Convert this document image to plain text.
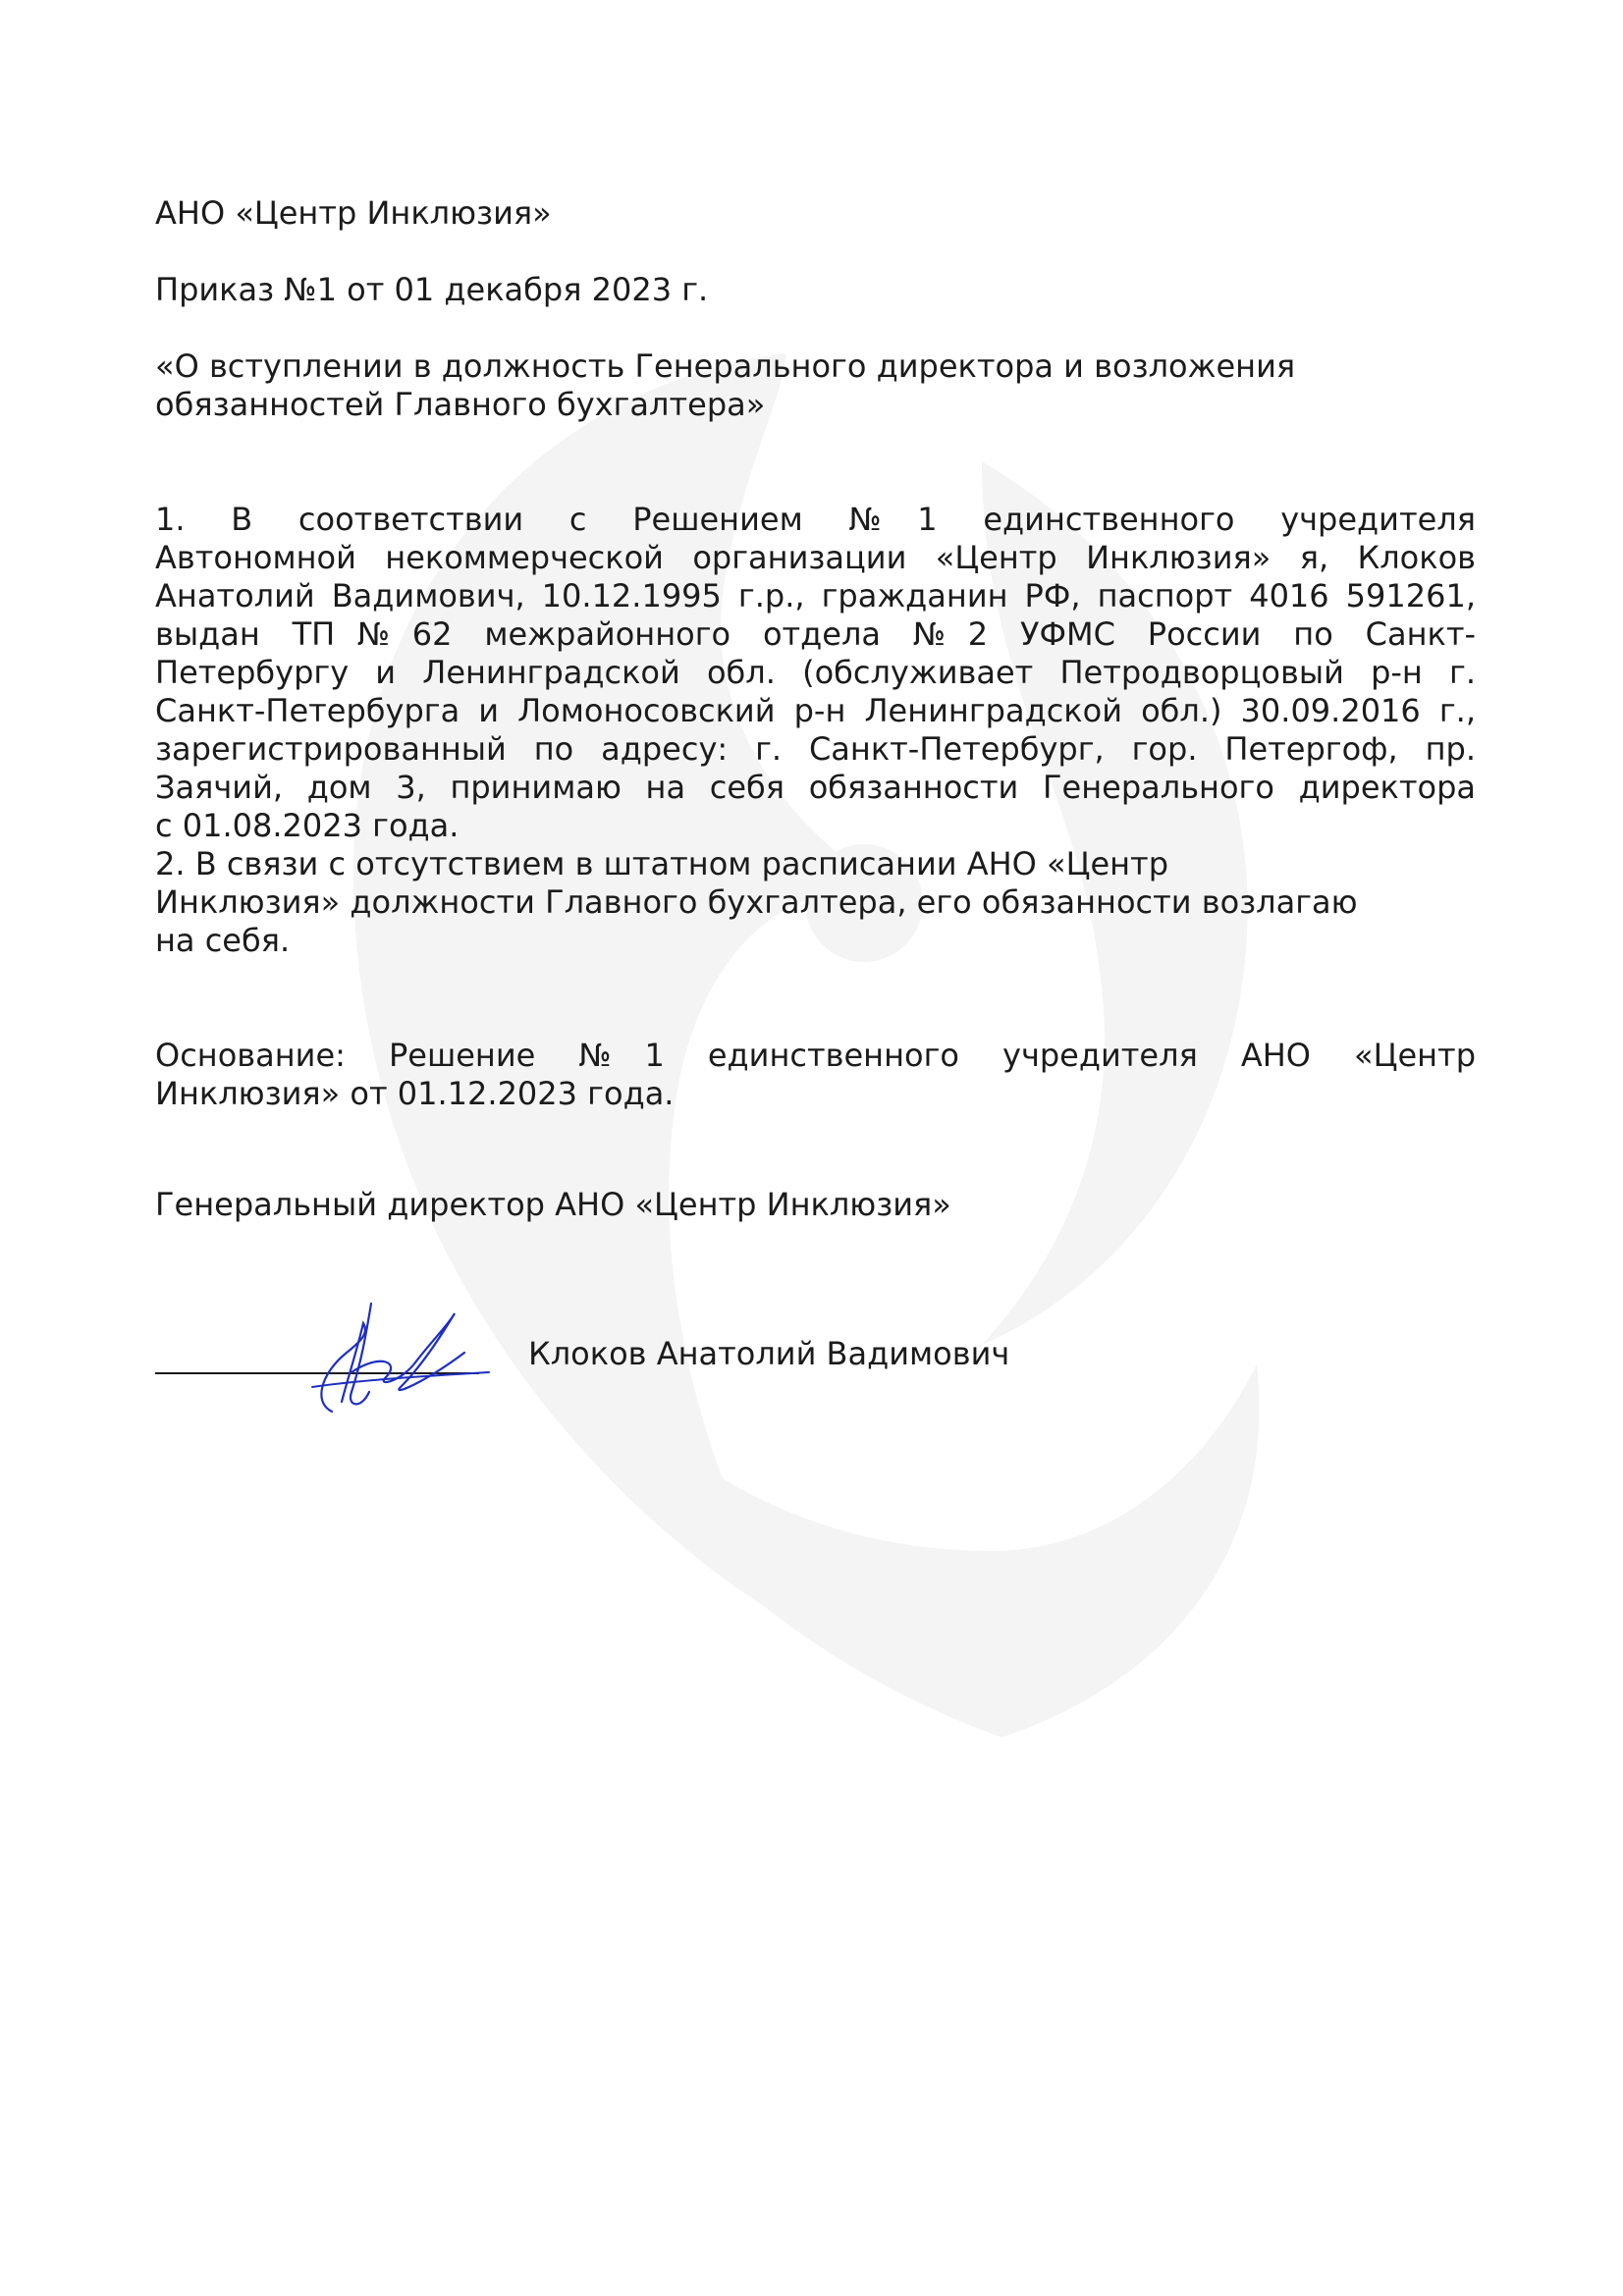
АНО «Центр Инклюзия»
Приказ №1 от 01 декабря 2023 г.
«О вступлении в должность Генерального директора и возложения
обязанностей Главного бухгалтера»
1. В соответствии с Решением №1 единственного учредителя
Автономной некоммерческой организации «Центр Инклюзия» я, Клоков
Анатолий Вадимович, 10.12.1995 г.р., гражданин РФ, паспорт 4016 591261,
выдан ТП№62 межрайонного отдела №2 УФМС России по Санкт-
Петербургу и Ленинградской обл. (обслуживает Петродворцовый р-н г.
Санкт-Петербурга и Ломоносовский р-н Ленинградской обл.) 30.09.2016 г.,
зарегистрированный по адресу: г. Санкт-Петербург, гор. Петергоф, пр.
Заячий, дом 3, принимаю на себя обязанности Генерального директора
с 01.08.2023 года.
2. В связи с отсутствием в штатном расписании АНО «Центр
Инклюзия» должности Главного бухгалтера, его обязанности возлагаю
на себя.
Основание: Решение №1 единственного учредителя АНО «Центр
Инклюзия» от 01.12.2023 года.
Генеральный директор АНО «Центр Инклюзия»
Клоков Анатолий Вадимович
